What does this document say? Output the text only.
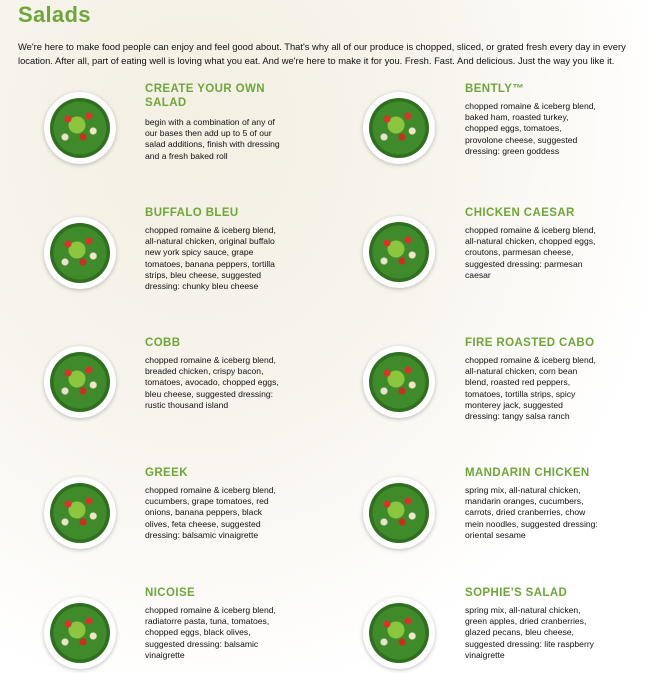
Salads
We're here to make food people can enjoy and feel good about. That's why all of our produce is chopped, sliced, or grated fresh every day in every location. After all, part of eating well is loving what you eat. And we're here to make it for you. Fresh. Fast. And delicious. Just the way you like it.
CREATE YOUR OWN SALAD
begin with a combination of any of our bases then add up to 5 of our salad additions, finish with dressing and a fresh baked roll
BENTLY™
chopped romaine & iceberg blend, baked ham, roasted turkey, chopped eggs, tomatoes, provolone cheese, suggested dressing: green goddess
BUFFALO BLEU
chopped romaine & iceberg blend, all-natural chicken, original buffalo new york spicy sauce, grape tomatoes, banana peppers, tortilla strips, bleu cheese, suggested dressing: chunky bleu cheese
CHICKEN CAESAR
chopped romaine & iceberg blend, all-natural chicken, chopped eggs, croutons, parmesan cheese, suggested dressing: parmesan caesar
COBB
chopped romaine & iceberg blend, breaded chicken, crispy bacon, tomatoes, avocado, chopped eggs, bleu cheese, suggested dressing: rustic thousand island
FIRE ROASTED CABO
chopped romaine & iceberg blend, all-natural chicken, corn bean blend, roasted red peppers, tomatoes, tortilla strips, spicy monterey jack, suggested dressing: tangy salsa ranch
GREEK
chopped romaine & iceberg blend, cucumbers, grape tomatoes, red onions, banana peppers, black olives, feta cheese, suggested dressing: balsamic vinaigrette
MANDARIN CHICKEN
spring mix, all-natural chicken, mandarin oranges, cucumbers, carrots, dried cranberries, chow mein noodles, suggested dressing: oriental sesame
NICOISE
chopped romaine & iceberg blend, radiatorre pasta, tuna, tomatoes, chopped eggs, black olives, suggested dressing: balsamic vinaigrette
SOPHIE'S SALAD
spring mix, all-natural chicken, green apples, dried cranberries, glazed pecans, bleu cheese, suggested dressing: lite raspberry vinaigrette
